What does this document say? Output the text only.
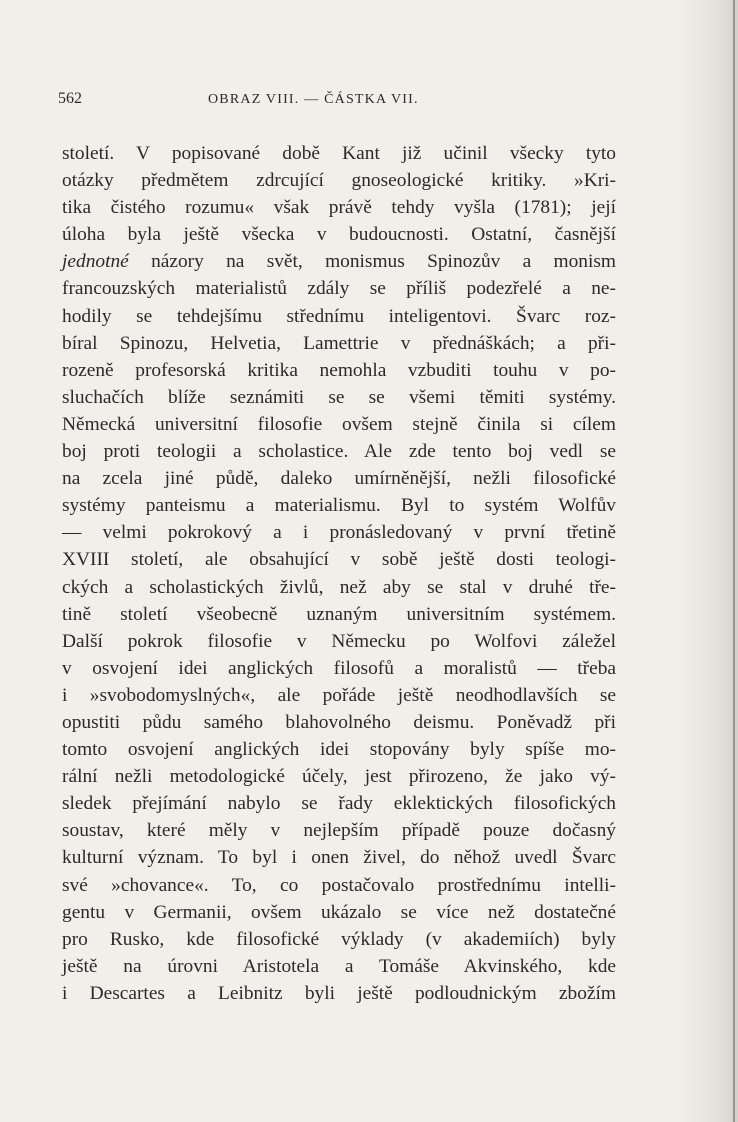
562	OBRAZ VIII. — ČÁSTKA VII.
století. V popisované době Kant již učinil všecky tyto
otázky předmětem zdrcující gnoseologické kritiky. »Kri-
tika čistého rozumu« však právě tehdy vyšla (1781); její
úloha byla ještě všecka v budoucnosti. Ostatní, časnější
jednotné názory na svět, monismus Spinozův a monism
francouzských materialistů zdály se příliš podezřelé a ne-
hodily se tehdejšímu střednímu inteligentovi. Švarc roz-
bíral Spinozu, Helvetia, Lamettrie v přednáškách; a při-
rozeně profesorská kritika nemohla vzbuditi touhu v po-
sluchačích blíže seznámiti se se všemi těmiti systémy.
Německá universitní filosofie ovšem stejně činila si cílem
boj proti teologii a scholastice. Ale zde tento boj vedl se
na zcela jiné půdě, daleko umírněnější, nežli filosofické
systémy panteismu a materialismu. Byl to systém Wolfův
— velmi pokrokový a i pronásledovaný v první třetině
XVIII století, ale obsahující v sobě ještě dosti teologi-
ckých a scholastických živlů, než aby se stal v druhé tře-
tině století všeobecně uznaným universitním systémem.
Další pokrok filosofie v Německu po Wolfovi záležel
v osvojení idei anglických filosofů a moralistů — třeba
i »svobodomyslných«, ale pořáde ještě neodhodlavších se
opustiti půdu samého blahovolného deismu. Poněvadž při
tomto osvojení anglických idei stopovány byly spíše mo-
rální nežli metodologické účely, jest přirozeno, že jako vý-
sledek přejímání nabylo se řady eklektických filosofických
soustav, které měly v nejlepším případě pouze dočasný
kulturní význam. To byl i onen živel, do něhož uvedl Švarc
své »chovance«. To, co postačovalo prostřednímu intelli-
gentu v Germanii, ovšem ukázalo se více než dostatečné
pro Rusko, kde filosofické výklady (v akademiích) byly
ještě na úrovni Aristotela a Tomáše Akvinského, kde
i Descartes a Leibnitz byli ještě podloudnickým zbožím
